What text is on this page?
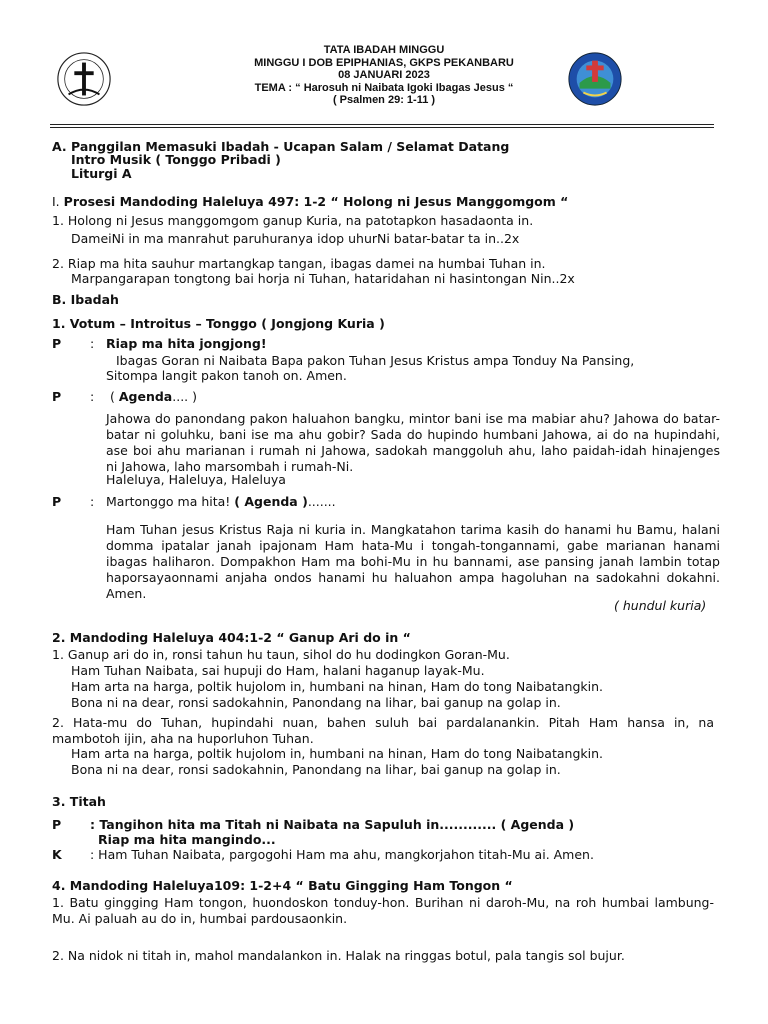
TATA IBADAH MINGGU
MINGGU I DOB EPIPHANIAS, GKPS PEKANBARU
08 JANUARI 2023
TEMA : “ Harosuh ni Naibata Igoki Ibagas Jesus “
( Psalmen 29: 1-11 )
A. Panggilan Memasuki Ibadah - Ucapan Salam / Selamat Datang
Intro Musik ( Tonggo Pribadi )
Liturgi A
I. Prosesi Mandoding Haleluya 497: 1-2 “ Holong ni Jesus Manggomgom “
1. Holong ni Jesus manggomgom ganup Kuria, na patotapkon hasadaonta in.
DameiNi in ma manrahut paruhuranya idop uhurNi batar-batar ta in..2x
2. Riap ma hita sauhur martangkap tangan, ibagas damei na humbai Tuhan in.
Marpangarapan tongtong bai horja ni Tuhan, hataridahan ni hasintongan Nin..2x
B. Ibadah
1. Votum – Introitus – Tonggo ( Jongjong Kuria )
P : Riap ma hita jongjong!
Ibagas Goran ni Naibata Bapa pakon Tuhan Jesus Kristus ampa Tonduy Na Pansing,
Sitompa langit pakon tanoh on. Amen.
P : ( Agenda.... )
Jahowa do panondang pakon haluahon bangku, mintor bani ise ma mabiar ahu? Jahowa do batar-batar ni goluhku, bani ise ma ahu gobir? Sada do hupindo humbani Jahowa, ai do na hupindahi, ase boi ahu marianan i rumah ni Jahowa, sadokah manggoluh ahu, laho paidah-idah hinajenges ni Jahowa, laho marsombah i rumah-Ni.
Haleluya, Haleluya, Haleluya
P : Martonggo ma hita! ( Agenda ).......
Ham Tuhan jesus Kristus Raja ni kuria in. Mangkatahon tarima kasih do hanami hu Bamu, halani domma ipatalar janah ipajonam Ham hata-Mu i tongah-tongannami, gabe marianan hanami ibagas haliharon. Dompakhon Ham ma bohi-Mu in hu bannami, ase pansing janah lambin totap haporsayaonnami anjaha ondos hanami hu haluahon ampa hagoluhan na sadokahni dokahni. Amen.
( hundul kuria)
2. Mandoding Haleluya 404:1-2 “ Ganup Ari do in “
1. Ganup ari do in, ronsi tahun hu taun, sihol do hu dodingkon Goran-Mu.
Ham Tuhan Naibata, sai hupuji do Ham, halani haganup layak-Mu.
Ham arta na harga, poltik hujolom in, humbani na hinan, Ham do tong Naibatangkin.
Bona ni na dear, ronsi sadokahnin, Panondang na lihar, bai ganup na golap in.
2. Hata-mu do Tuhan, hupindahi nuan, bahen suluh bai pardalanankin. Pitah Ham hansa in, na mambotoh ijin, aha na huporluhon Tuhan.
Ham arta na harga, poltik hujolom in, humbani na hinan, Ham do tong Naibatangkin.
Bona ni na dear, ronsi sadokahnin, Panondang na lihar, bai ganup na golap in.
3. Titah
P : Tangihon hita ma Titah ni Naibata na Sapuluh in............ ( Agenda )
Riap ma hita mangindo...
K : Ham Tuhan Naibata, pargogohi Ham ma ahu, mangkorjahon titah-Mu ai. Amen.
4. Mandoding Haleluya109: 1-2+4 “ Batu Gingging Ham Tongon “
1. Batu gingging Ham tongon, huondoskon tonduy-hon. Burihan ni daroh-Mu, na roh humbai lambung-Mu. Ai paluah au do in, humbai pardousaonkin.
2. Na nidok ni titah in, mahol mandalankon in. Halak na ringgas botul, pala tangis sol bujur.
